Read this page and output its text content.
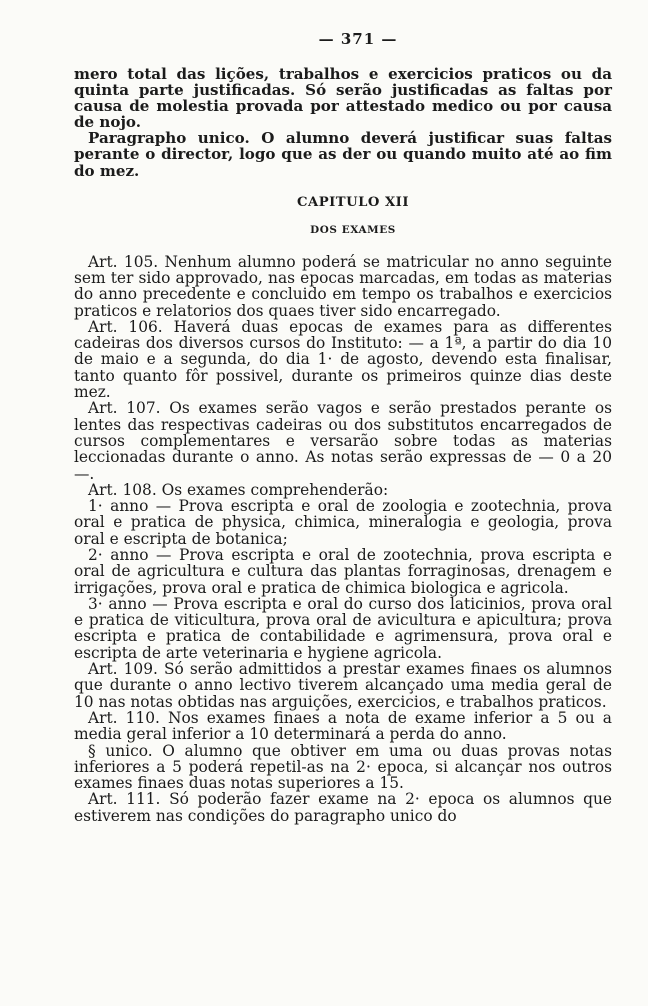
— 371 —

mero total das lições, trabalhos e exercicios praticos ou da quinta parte justificadas. Só serão justificadas as faltas por causa de molestia provada por attestado medico ou por causa de nojo.

Paragrapho unico. O alumno deverá justificar suas faltas perante o director, logo que as der ou quando muito até ao fim do mez.

CAPITULO XII
DOS EXAMES

Art. 105. Nenhum alumno poderá se matricular no anno seguinte sem ter sido approvado, nas epocas marcadas, em todas as materias do anno precedente e concluido em tempo os trabalhos e exercicios praticos e relatorios dos quaes tiver sido encarregado.

Art. 106. Haverá duas epocas de exames para as differentes cadeiras dos diversos cursos do Instituto: — a 1ª, a partir do dia 10 de maio e a segunda, do dia 1· de agosto, devendo esta finalisar, tanto quanto fôr possivel, durante os primeiros quinze dias deste mez.

Art. 107. Os exames serão vagos e serão prestados perante os lentes das respectivas cadeiras ou dos substitutos encarregados de cursos complementares e versarão sobre todas as materias leccionadas durante o anno. As notas serão expressas de — 0 a 20 —.

Art. 108. Os exames comprehenderão:

1· anno — Prova escripta e oral de zoologia e zootechnia, prova oral e pratica de physica, chimica, mineralogia e geologia, prova oral e escripta de botanica;

2· anno — Prova escripta e oral de zootechnia, prova escripta e oral de agricultura e cultura das plantas forraginosas, drenagem e irrigações, prova oral e pratica de chimica biologica e agricola.

3· anno — Prova escripta e oral do curso dos laticinios, prova oral e pratica de viticultura, prova oral de avicultura e apicultura; prova escripta e pratica de contabilidade e agrimensura, prova oral e escripta de arte veterinaria e hygiene agricola.

Art. 109. Só serão admittidos a prestar exames finaes os alumnos que durante o anno lectivo tiverem alcançado uma media geral de 10 nas notas obtidas nas arguições, exercicios, e trabalhos praticos.

Art. 110. Nos exames finaes a nota de exame inferior a 5 ou a media geral inferior a 10 determinará a perda do anno.

§ unico. O alumno que obtiver em uma ou duas provas notas inferiores a 5 poderá repetil-as na 2· epoca, si alcançar nos outros exames finaes duas notas superiores a 15.

Art. 111. Só poderão fazer exame na 2· epoca os alumnos que estiverem nas condições do paragrapho unico do
